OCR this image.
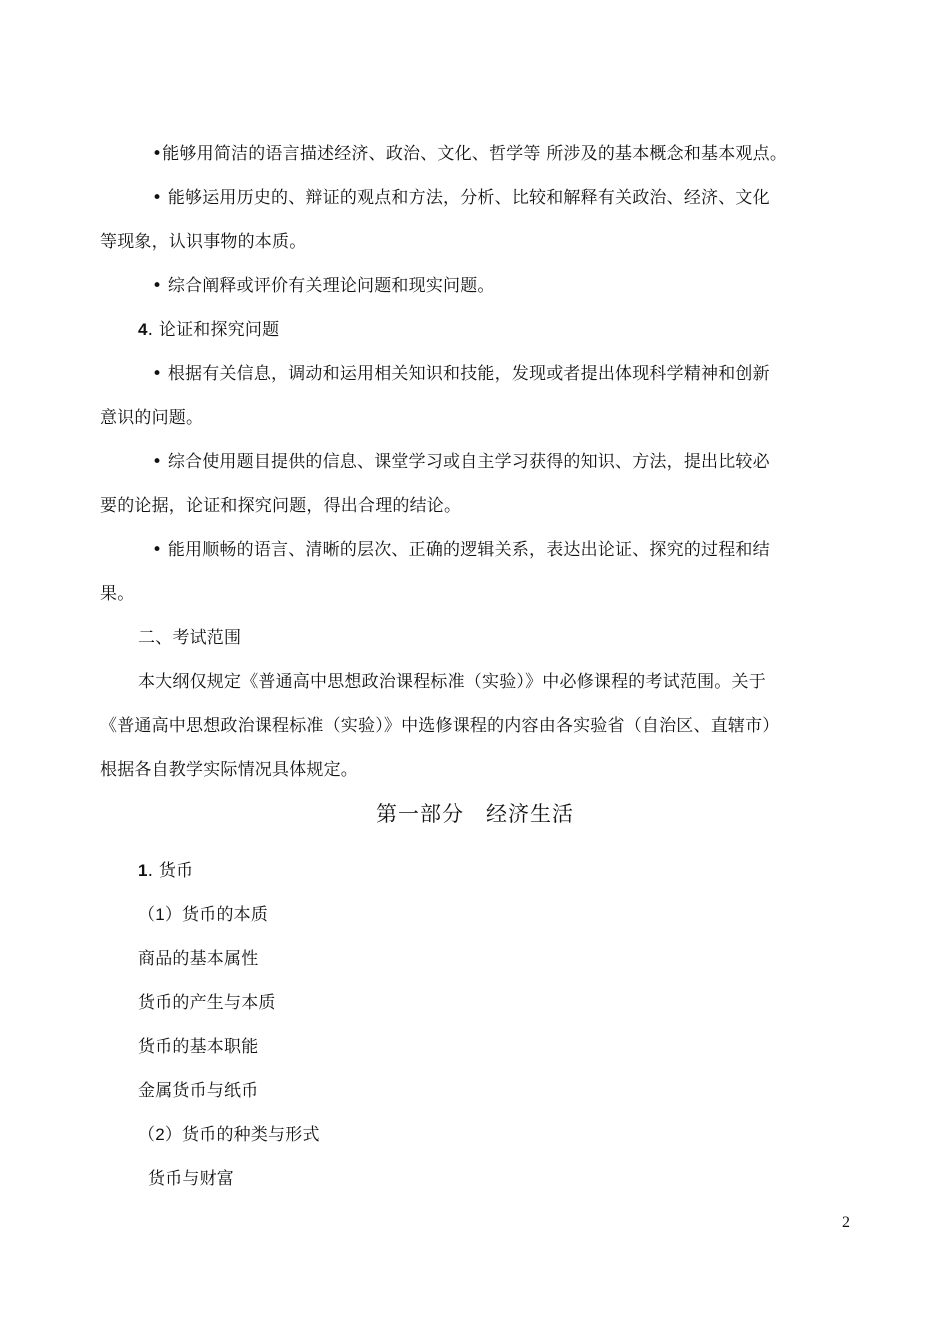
•能够用简洁的语言描述经济、政治、文化、哲学等 所涉及的基本概念和基本观点。
• 能够运用历史的、辩证的观点和方法，分析、比较和解释有关政治、经济、文化
等现象，认识事物的本质。
• 综合阐释或评价有关理论问题和现实问题。
4. 论证和探究问题
• 根据有关信息，调动和运用相关知识和技能，发现或者提出体现科学精神和创新
意识的问题。
• 综合使用题目提供的信息、课堂学习或自主学习获得的知识、方法，提出比较必
要的论据，论证和探究问题，得出合理的结论。
• 能用顺畅的语言、清晰的层次、正确的逻辑关系，表达出论证、探究的过程和结
果。
二、考试范围
本大纲仅规定《普通高中思想政治课程标准（实验）》中必修课程的考试范围。关于
《普通高中思想政治课程标准（实验）》中选修课程的内容由各实验省（自治区、直辖市）
根据各自教学实际情况具体规定。
第一部分　经济生活
1. 货币
（1）货币的本质
商品的基本属性
货币的产生与本质
货币的基本职能
金属货币与纸币
（2）货币的种类与形式
货币与财富
2
